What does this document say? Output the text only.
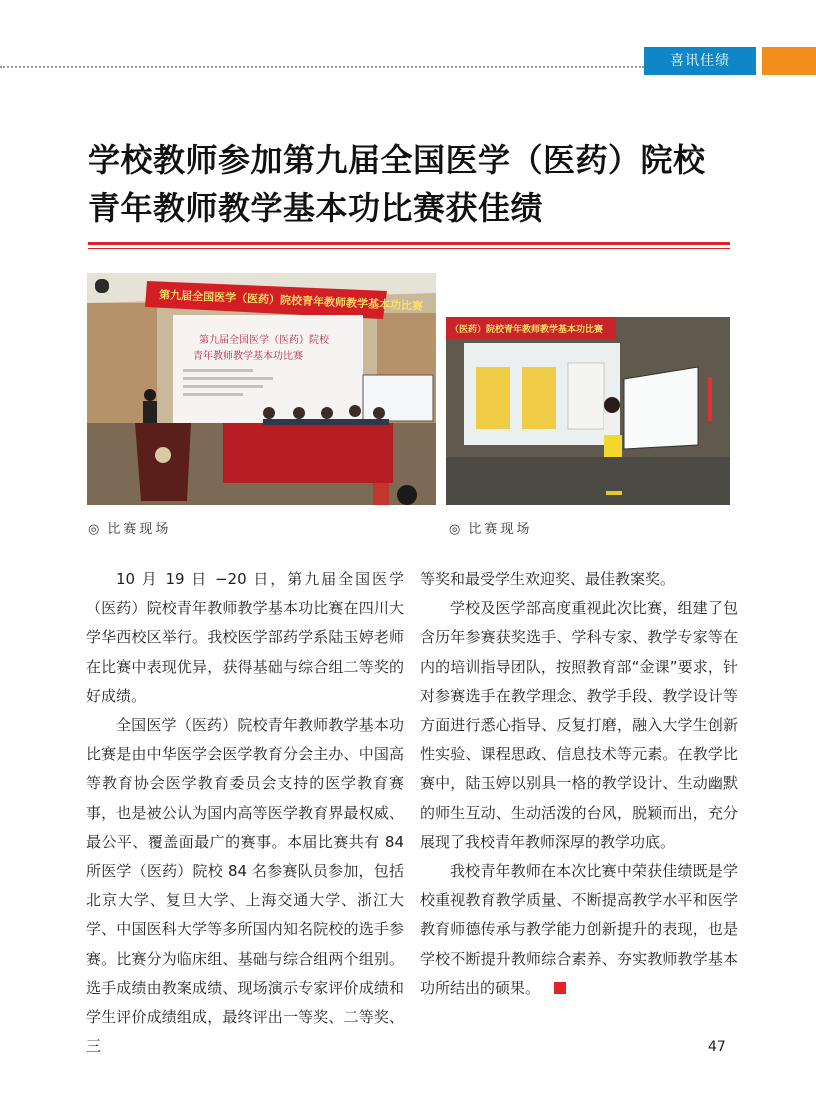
喜讯佳绩
学校教师参加第九届全国医学（医药）院校
青年教师教学基本功比赛获佳绩
第九届全国医学（医药）院校青年教师教学基本功比赛
第九届全国医学（医药）院校
青年教师教学基本功比赛
（医药）院校青年教师教学基本功比赛
◎ 比赛现场	◎ 比赛现场

10 月 19 日 −20 日，第九届全国医学（医药）院校青年教师教学基本功比赛在四川大学华西校区举行。我校医学部药学系陆玉婷老师在比赛中表现优异，获得基础与综合组二等奖的好成绩。

全国医学（医药）院校青年教师教学基本功比赛是由中华医学会医学教育分会主办、中国高等教育协会医学教育委员会支持的医学教育赛事，也是被公认为国内高等医学教育界最权威、最公平、覆盖面最广的赛事。本届比赛共有 84 所医学（医药）院校 84 名参赛队员参加，包括北京大学、复旦大学、上海交通大学、浙江大学、中国医科大学等多所国内知名院校的选手参赛。比赛分为临床组、基础与综合组两个组别。选手成绩由教案成绩、现场演示专家评价成绩和学生评价成绩组成，最终评出一等奖、二等奖、三

等奖和最受学生欢迎奖、最佳教案奖。

学校及医学部高度重视此次比赛，组建了包含历年参赛获奖选手、学科专家、教学专家等在内的培训指导团队，按照教育部“金课”要求，针对参赛选手在教学理念、教学手段、教学设计等方面进行悉心指导、反复打磨，融入大学生创新性实验、课程思政、信息技术等元素。在教学比赛中，陆玉婷以别具一格的教学设计、生动幽默的师生互动、生动活泼的台风，脱颖而出，充分展现了我校青年教师深厚的教学功底。

我校青年教师在本次比赛中荣获佳绩既是学校重视教育教学质量、不断提高教学水平和医学教育师德传承与教学能力创新提升的表现，也是学校不断提升教师综合素养、夯实教师教学基本功所结出的硕果。

47
